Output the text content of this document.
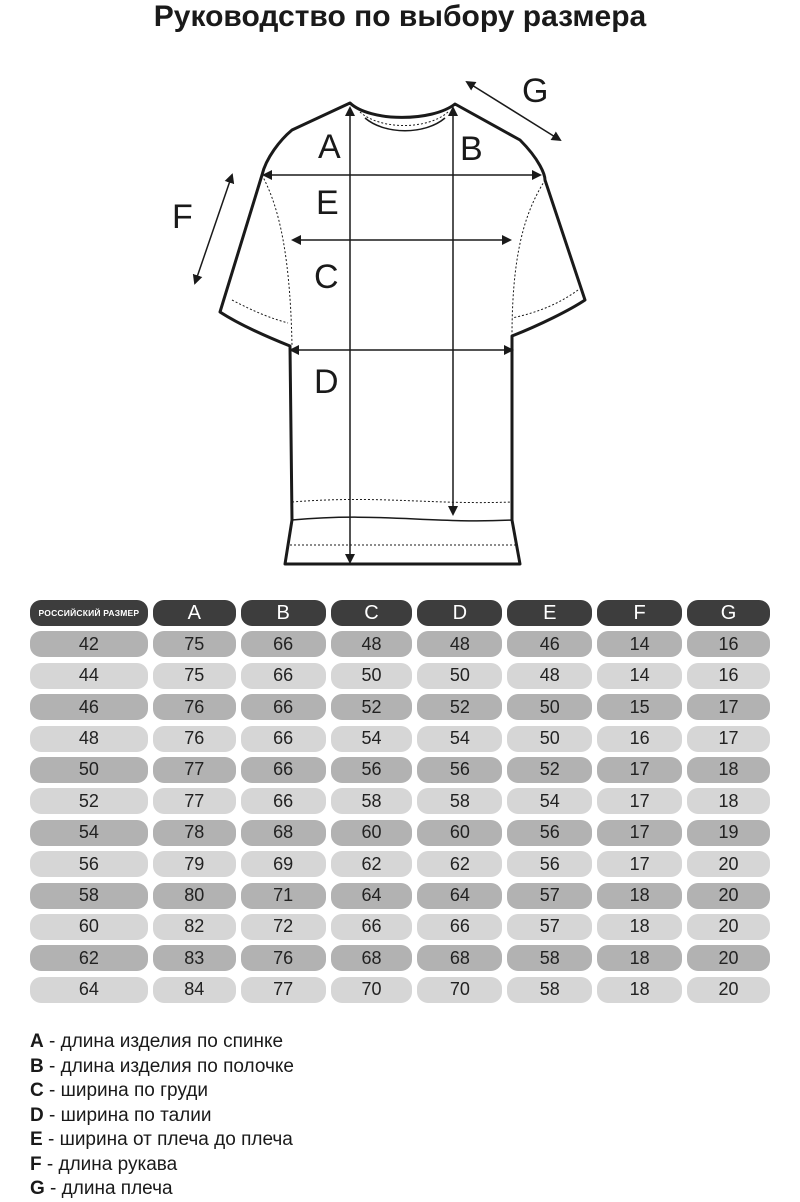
Руководство по выбору размера
A	B
E
C
D
F
G
РОССИЙСКИЙ РАЗМЕР	A	B	C	D	E	F	G
42	75	66	48	48	46	14	16
44	75	66	50	50	48	14	16
46	76	66	52	52	50	15	17
48	76	66	54	54	50	16	17
50	77	66	56	56	52	17	18
52	77	66	58	58	54	17	18
54	78	68	60	60	56	17	19
56	79	69	62	62	56	17	20
58	80	71	64	64	57	18	20
60	82	72	66	66	57	18	20
62	83	76	68	68	58	18	20
64	84	77	70	70	58	18	20
A - длина изделия по спинке
B - длина изделия по полочке
C - ширина по груди
D - ширина по талии
E - ширина от плеча до плеча
F - длина рукава
G - длина плеча
